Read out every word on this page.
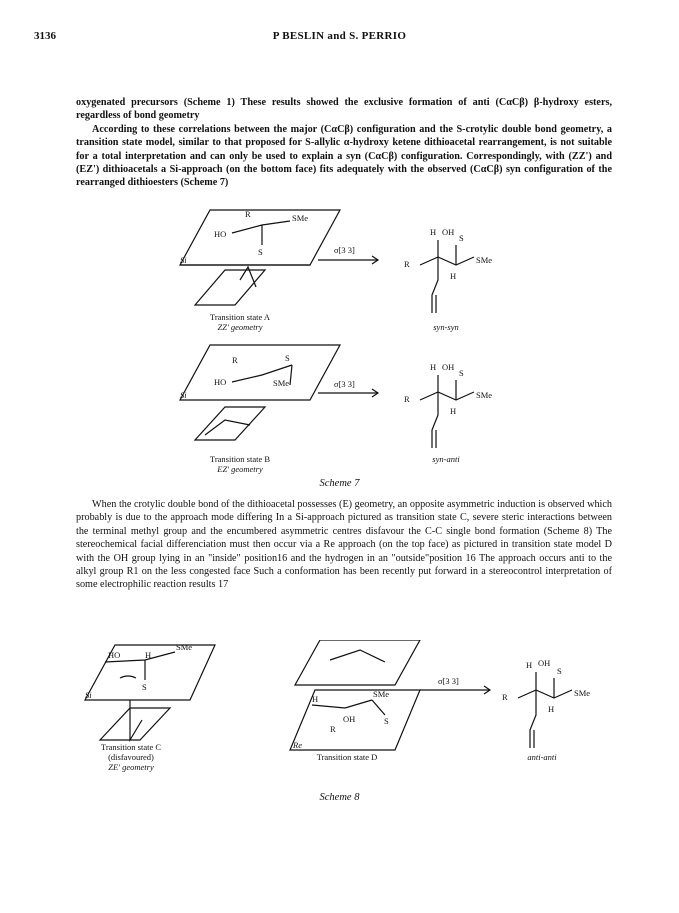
3136	P BESLIN and S. PERRIO

oxygenated precursors (Scheme 1) These results showed the exclusive formation of anti (CαCβ) β-hydroxy esters, regardless of bond geometry

According to these correlations between the major (CαCβ) configuration and the S-crotylic double bond geometry, a transition state model, similar to that proposed for S-allylic α-hydroxy ketene dithioacetal rearrangement, is not suitable for a total interpretation and can only be used to explain a syn (CαCβ) configuration. Correspondingly, with (ZZ') and (EZ') dithioacetals a Si-approach (on the bottom face) fits adequately with the observed (CαCβ) syn configuration of the rearranged dithioesters (Scheme 7)

HO
R	SMe
S
Si
σ[3 3]
H OH
S
R	SMe
H
HO
R	S
SMe
Si
σ[3 3]
H OH
S
R	SMe
H
Transition state A
ZZ' geometry	syn-syn
Transition state B
EZ' geometry
syn-anti
Scheme 7

When the crotylic double bond of the dithioacetal possesses (E) geometry, an opposite asymmetric induction is observed which probably is due to the approach mode differing In a Si-approach pictured as transition state C, severe steric interactions between the terminal methyl group and the encumbered asymmetric centres disfavour the C-C single bond formation (Scheme 8) The stereochemical facial differenciation must then occur via a Re approach (on the top face) as pictured in transition state model D with the OH group lying in an "inside" position16 and the hydrogen in an "outside"position 16 The approach occurs anti to the alkyl group R1 on the less congested face Such a conformation has been recently put forward in a stereocontrol interpretation of some electrophilic reaction results 17

HO	H
SMe
S
Si	H
OH
SMe
S
R
Re
σ[3 3]
H OH
S
R	SMe
H
Transition state C
(disfavoured)
ZE' geometry
Transition state D	anti-anti
Scheme 8
